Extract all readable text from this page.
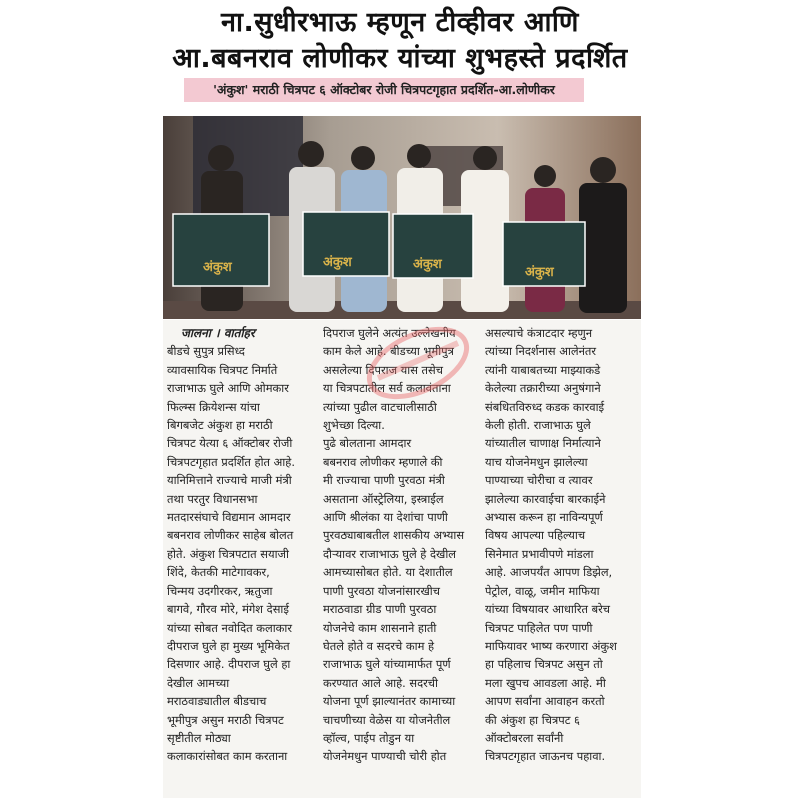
ना.सुधीरभाऊ म्हणून टीव्हीवर आणि
आ.बबनराव लोणीकर यांच्या शुभहस्ते प्रदर्शित
'अंकुश' मराठी चित्रपट ६ ऑक्टोबर रोजी चित्रपटगृहात प्रदर्शित-आ.लोणीकर
अंकुश	अंकुश	अंकुश
अंकुश
जालना । वार्ताहर
बीडचे सुपुत्र प्रसिध्द
व्यावसायिक चित्रपट निर्माते
राजाभाऊ घुले आणि ओमकार
फिल्म्स क्रियेशन्स यांचा
बिगबजेट अंकुश हा मराठी
चित्रपट येत्या ६ ऑक्टोबर रोजी
चित्रपटगृहात प्रदर्शित होत आहे.
यानिमित्ताने राज्याचे माजी मंत्री
तथा परतुर विधानसभा
मतदारसंघाचे विद्यमान आमदार
बबनराव लोणीकर साहेब बोलत
होते. अंकुश चित्रपटात सयाजी
शिंदे, केतकी माटेगावकर,
चिन्मय उदगीरकर, ऋतुजा
बागवे, गौरव मोरे, मंगेश देसाई
यांच्या सोबत नवोदित कलाकार
दीपराज घुले हा मुख्य भूमिकेत
दिसणार आहे. दीपराज घुले हा
देखील आमच्या
मराठवाड्यातील बीडचाच
भूमीपुत्र असुन मराठी चित्रपट
सृष्टीतील मोठ्या
कलाकारांसोबत काम करताना
दिपराज घुलेने अत्यंत उल्लेखनीय
काम केले आहे. बीडच्या भूमीपुत्र
असलेल्या दिपराज यास तसेच
या चित्रपटातील सर्व कलावंताना
त्यांच्या पुढील वाटचालीसाठी
शुभेच्छा दिल्या.
पुढे बोलताना आमदार
बबनराव लोणीकर म्हणाले की
मी राज्याचा पाणी पुरवठा मंत्री
असताना ऑस्ट्रेलिया, इस्त्राईल
आणि श्रीलंका या देशांचा पाणी
पुरवठ्याबाबतील शासकीय अभ्यास
दौऱ्यावर राजाभाऊ घुले हे देखील
आमच्यासोबत होते. या देशातील
पाणी पुरवठा योजनांसारखीच
मराठवाडा ग्रीड पाणी पुरवठा
योजनेचे काम शासनाने हाती
घेतले होते व सदरचे काम हे
राजाभाऊ घुले यांच्यामार्फत पूर्ण
करण्यात आले आहे. सदरची
योजना पूर्ण झाल्यानंतर कामाच्या
चाचणीच्या वेळेस या योजनेतील
व्हॉल्व, पाईप तोडुन या
योजनेमधुन पाण्याची चोरी होत
असल्याचे कंत्राटदार म्हणुन
त्यांच्या निदर्शनास आलेनंतर
त्यांनी याबाबतच्या माझ्याकडे
केलेल्या तक्रारीच्या अनुषंगाने
संबधितविरुध्द कडक कारवाई
केली होती. राजाभाऊ घुले
यांच्यातील चाणाक्ष निर्मात्याने
याच योजनेमधुन झालेल्या
पाण्याच्या चोरीचा व त्यावर
झालेल्या कारवाईचा बारकाईने
अभ्यास करून हा नाविन्यपूर्ण
विषय आपल्या पहिल्याच
सिनेमात प्रभावीपणे मांडला
आहे. आजपर्यंत आपण डिझेल,
पेट्रोल, वाळू, जमीन माफिया
यांच्या विषयावर आधारित बरेच
चित्रपट पाहिलेत पण पाणी
माफियावर भाष्य करणारा अंकुश
हा पहिलाच चित्रपट असुन तो
मला खुपच आवडला आहे. मी
आपण सर्वांना आवाहन करतो
की अंकुश हा चित्रपट ६
ऑक्टोबरला सर्वांनी
चित्रपटगृहात जाऊनच पहावा.
